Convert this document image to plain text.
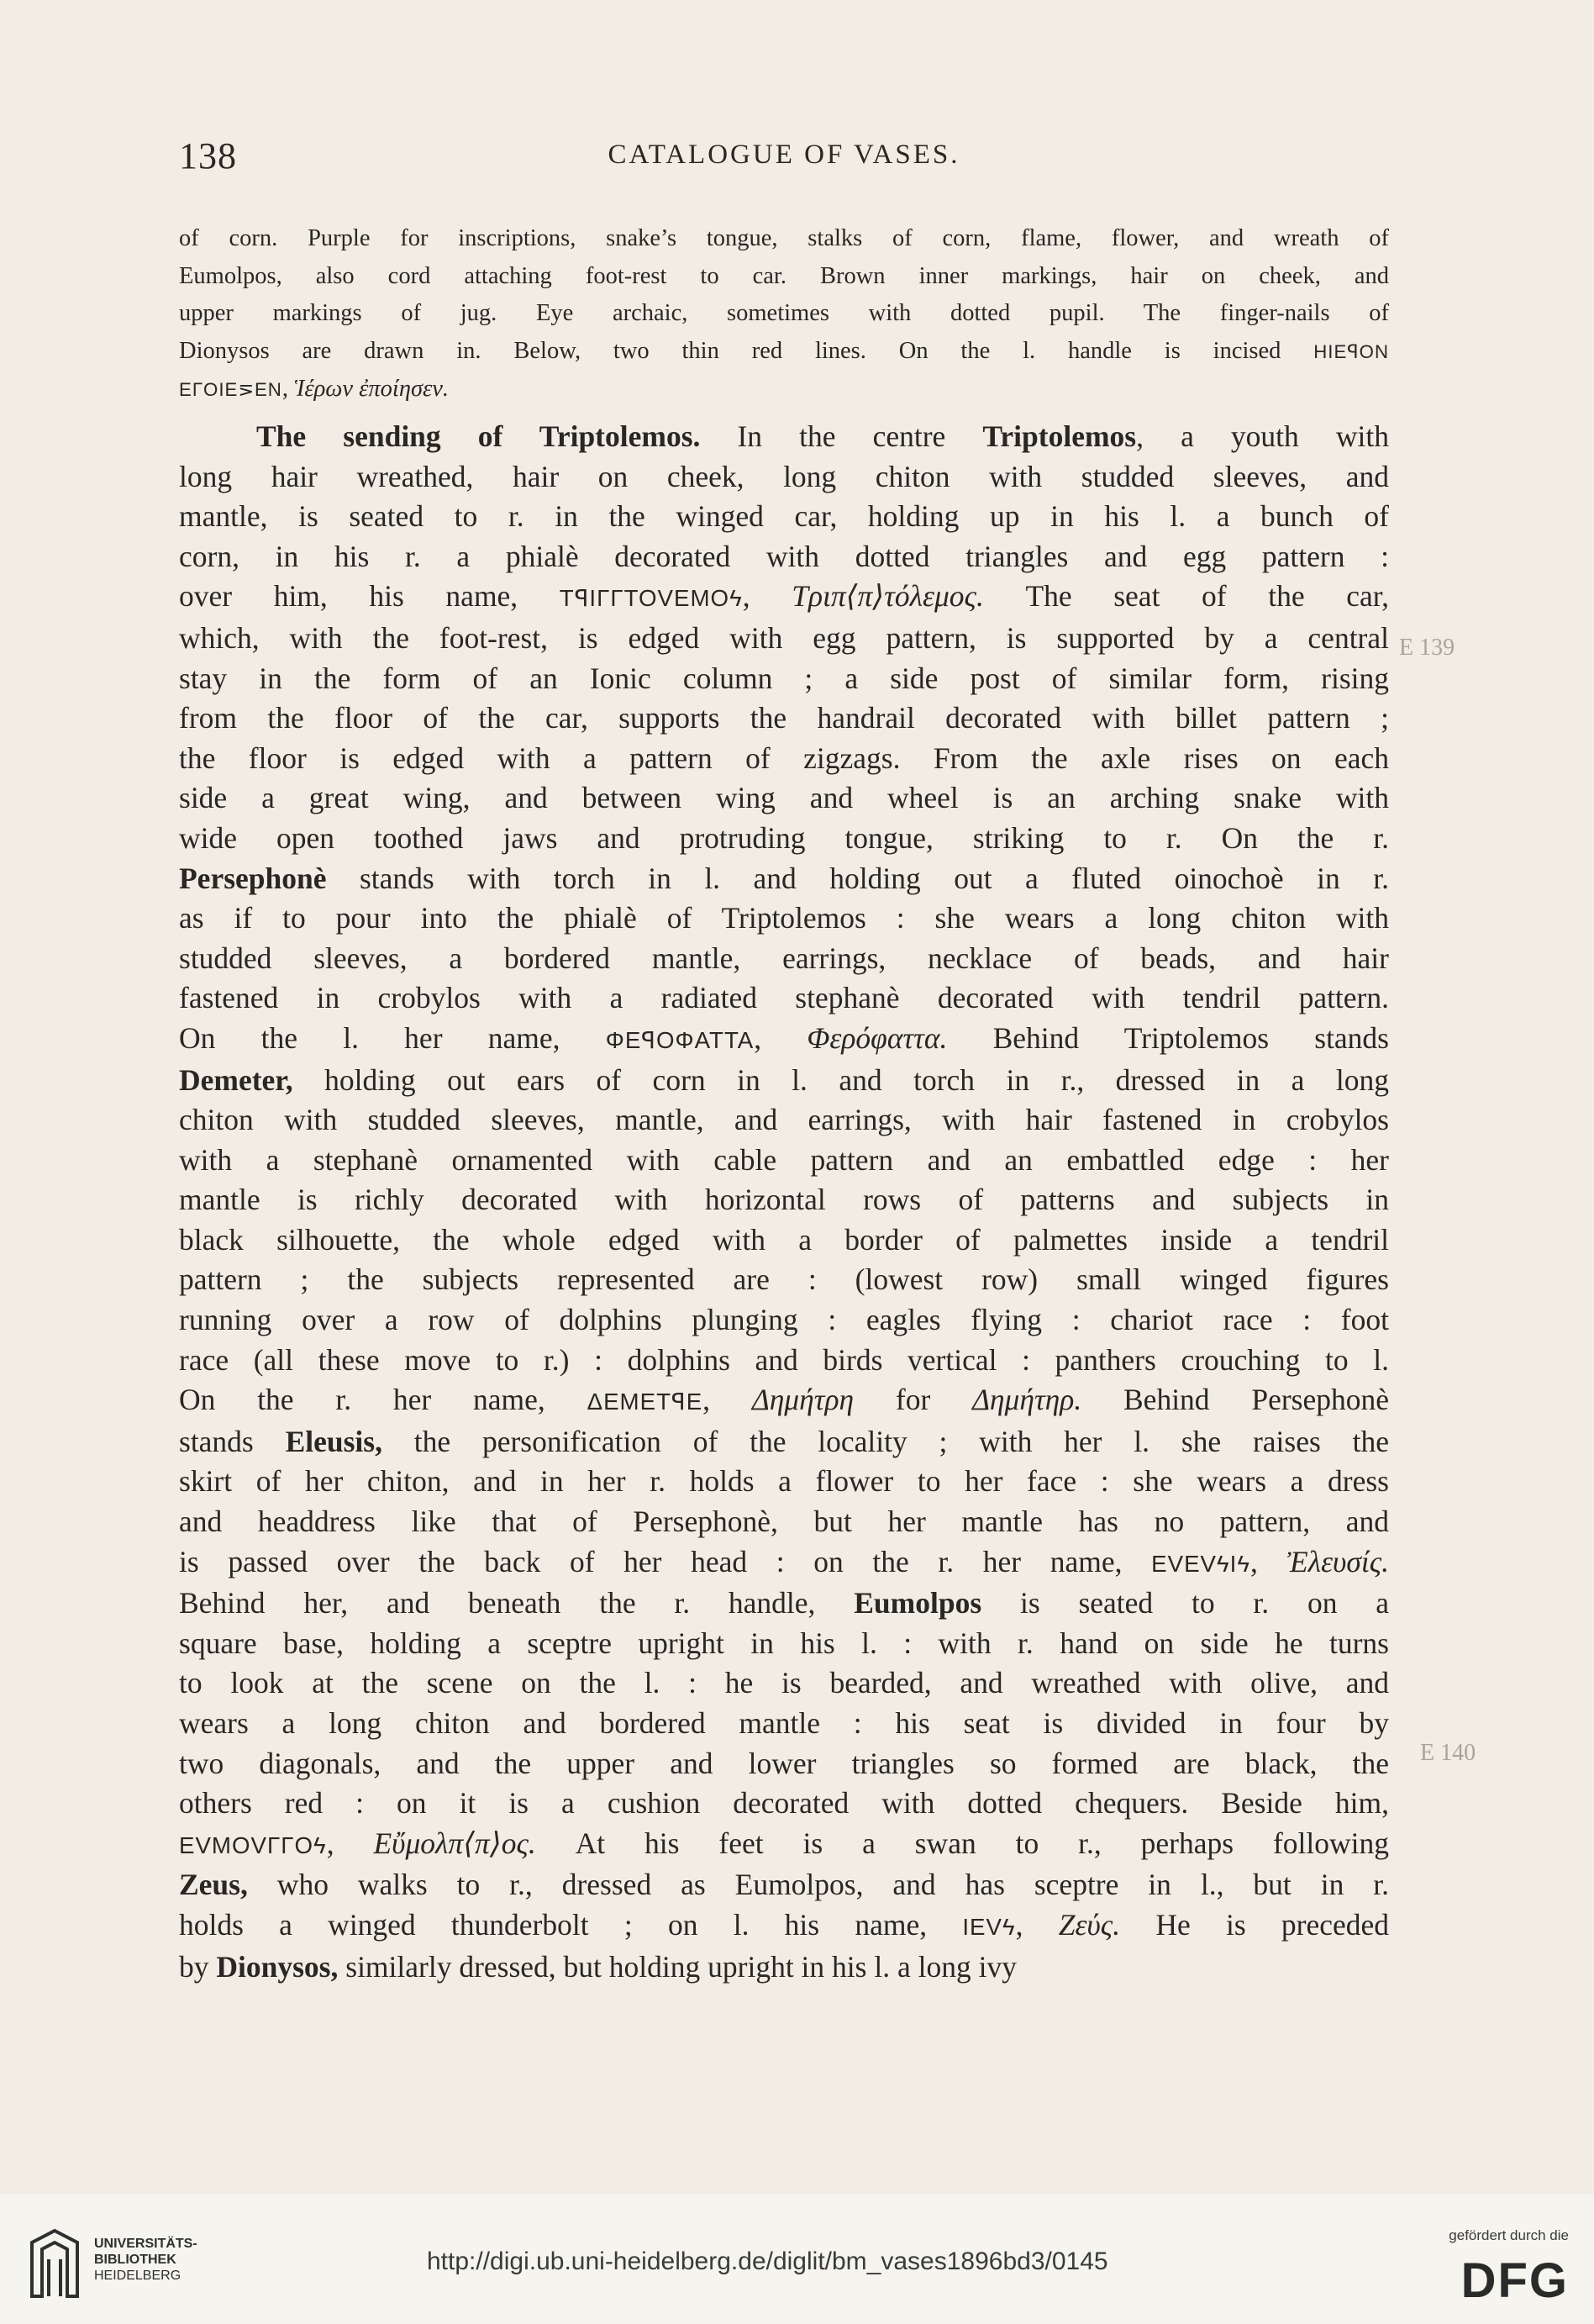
138	CATALOGUE OF VASES.
of corn. Purple for inscriptions, snake’s tongue, stalks of corn, flame, flower, and wreath of
Eumolpos, also cord attaching foot-rest to car. Brown inner markings, hair on cheek, and
upper markings of jug. Eye archaic, sometimes with dotted pupil. The finger-nails of
Dionysos are drawn in. Below, two thin red lines. On the l. handle is incised HIEꟼON
EΓOIE⋝EN, Ἱέρων ἐποίησεν.
The sending of Triptolemos. In the centre Triptolemos, a youth with
long hair wreathed, hair on cheek, long chiton with studded sleeves, and
mantle, is seated to r. in the winged car, holding up in his l. a bunch of
corn, in his r. a phialè decorated with dotted triangles and egg pattern :
over him, his name, TꟼIΓΓTOVEMOϟ, Τριπ⟨π⟩τόλεμος. The seat of the car,
which, with the foot-rest, is edged with egg pattern, is supported by a central
stay in the form of an Ionic column ; a side post of similar form, rising
from the floor of the car, supports the handrail decorated with billet pattern ;
the floor is edged with a pattern of zigzags. From the axle rises on each
side a great wing, and between wing and wheel is an arching snake with
wide open toothed jaws and protruding tongue, striking to r. On the r.
Persephonè stands with torch in l. and holding out a fluted oinochoè in r.
as if to pour into the phialè of Triptolemos : she wears a long chiton with
studded sleeves, a bordered mantle, earrings, necklace of beads, and hair
fastened in crobylos with a radiated stephanè decorated with tendril pattern.
On the l. her name, ΦEꟼOΦATTA, Φερόφαττα. Behind Triptolemos stands
Demeter, holding out ears of corn in l. and torch in r., dressed in a long
chiton with studded sleeves, mantle, and earrings, with hair fastened in crobylos
with a stephanè ornamented with cable pattern and an embattled edge : her
mantle is richly decorated with horizontal rows of patterns and subjects in
black silhouette, the whole edged with a border of palmettes inside a tendril
pattern ; the subjects represented are : (lowest row) small winged figures
running over a row of dolphins plunging : eagles flying : chariot race : foot
race (all these move to r.) : dolphins and birds vertical : panthers crouching to l.
On the r. her name, ΔEMETꟼE, Δημήτρη for Δημήτηρ. Behind Persephonè
stands Eleusis, the personification of the locality ; with her l. she raises the
skirt of her chiton, and in her r. holds a flower to her face : she wears a dress
and headdress like that of Persephonè, but her mantle has no pattern, and
is passed over the back of her head : on the r. her name, EVEVϟIϟ, Ἐλευσίς.
Behind her, and beneath the r. handle, Eumolpos is seated to r. on a
square base, holding a sceptre upright in his l. : with r. hand on side he turns
to look at the scene on the l. : he is bearded, and wreathed with olive, and
wears a long chiton and bordered mantle : his seat is divided in four by
two diagonals, and the upper and lower triangles so formed are black, the
others red : on it is a cushion decorated with dotted chequers. Beside him,
EVMOVΓΓOϟ, Εὔμολπ⟨π⟩ος. At his feet is a swan to r., perhaps following
Zeus, who walks to r., dressed as Eumolpos, and has sceptre in l., but in r.
holds a winged thunderbolt ; on l. his name, ΙEVϟ, Ζεύς. He is preceded
by Dionysos, similarly dressed, but holding upright in his l. a long ivy
E 139
E 140
UNIVERSITÄTS-
BIBLIOTHEK
HEIDELBERG
http://digi.ub.uni-heidelberg.de/diglit/bm_vases1896bd3/0145
gefördert durch die
DFG
